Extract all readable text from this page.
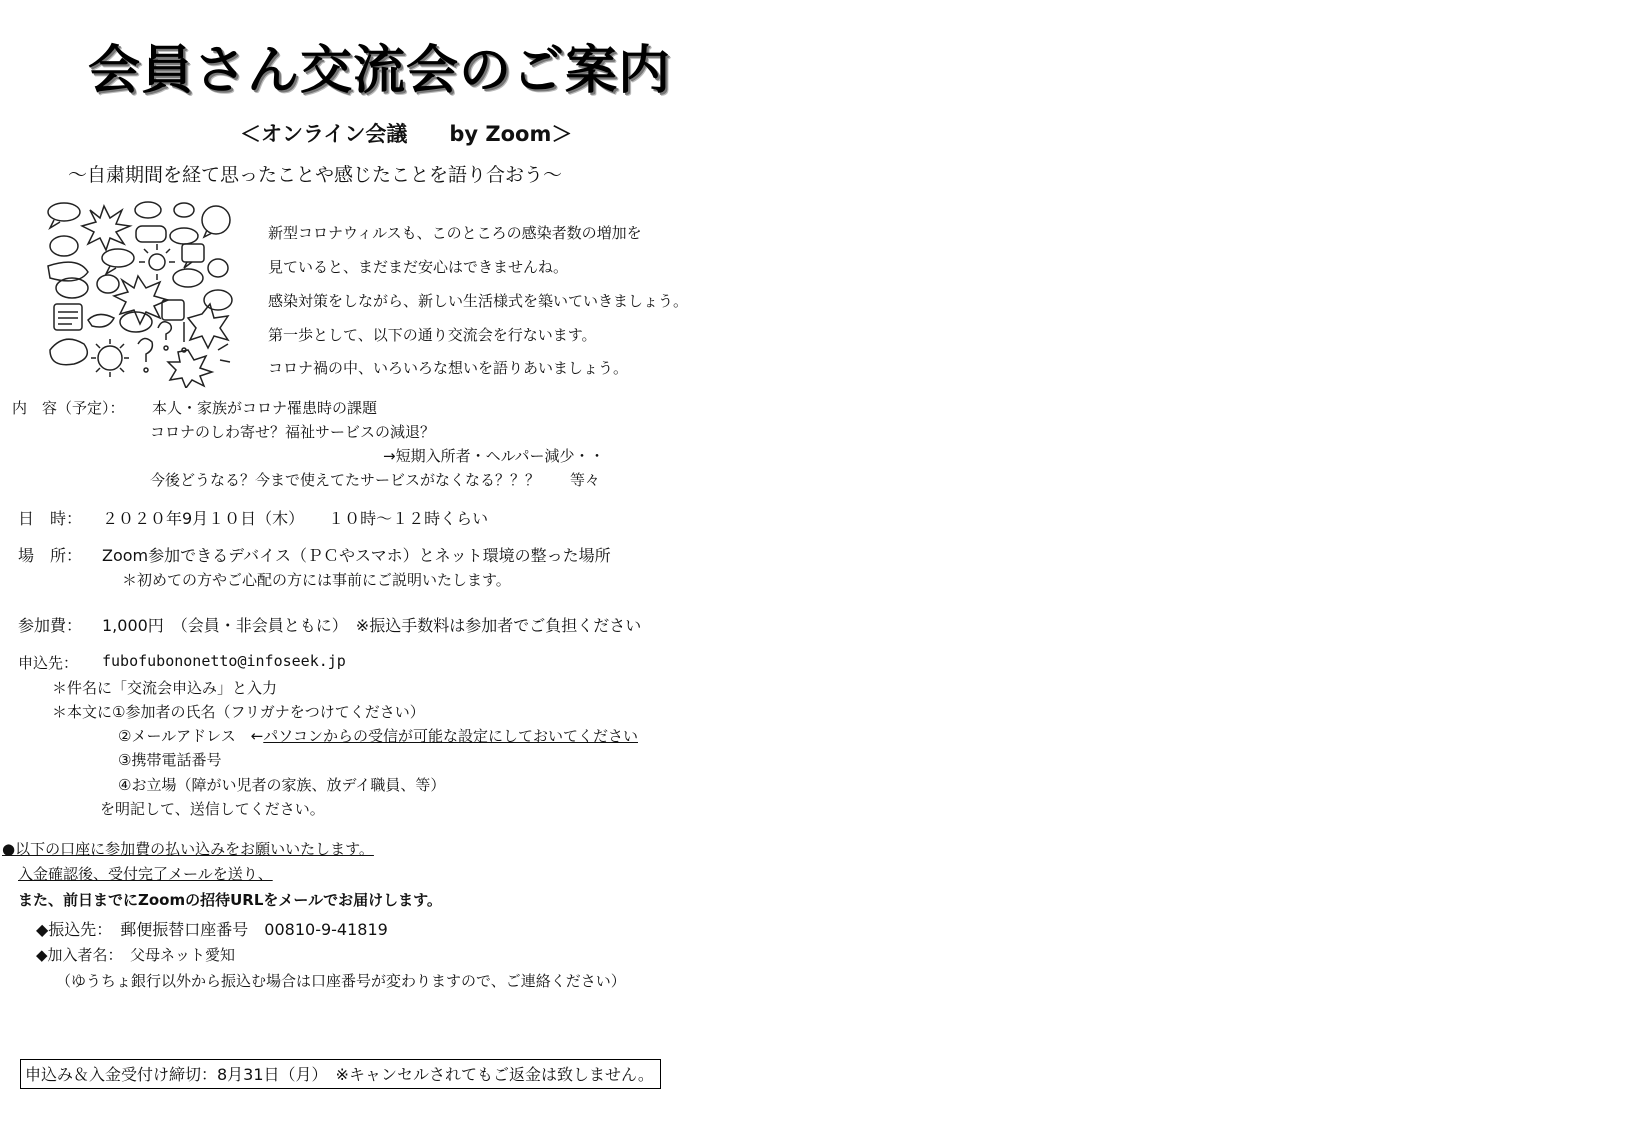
会員さん交流会のご案内
＜オンライン会議　　by Zoom＞
～自粛期間を経て思ったことや感じたことを語り合おう～
新型コロナウィルスも、このところの感染者数の増加を
見ていると、まだまだ安心はできませんね。
感染対策をしながら、新しい生活様式を築いていきましょう。
第一歩として、以下の通り交流会を行ないます。
コロナ禍の中、いろいろな想いを語りあいましょう。
内　容（予定）： 本人・家族がコロナ罹患時の課題
コロナのしわ寄せ？福祉サービスの減退？
→短期入所者・ヘルパー減少・・
今後どうなる？今まで使えてたサービスがなくなる？？？　　等々
日　時： ２０２０年9月１０日（木）　　１０時～１２時くらい
場　所： Zoom参加できるデバイス（ＰＣやスマホ）とネット環境の整った場所
＊初めての方やご心配の方には事前にご説明いたします。
参加費： 1,000円　（会員・非会員ともに）　※振込手数料は参加者でご負担ください
申込先： fubofubononetto@infoseek.jp
＊件名に「交流会申込み」と入力
＊本文に①参加者の氏名（フリガナをつけてください）
②メールアドレス　←パソコンからの受信が可能な設定にしておいてください
③携帯電話番号
④お立場（障がい児者の家族、放デイ職員、等）
を明記して、送信してください。
●以下の口座に参加費の払い込みをお願いいたします。
入金確認後、受付完了メールを送り、
また、前日までにZoomの招待URLをメールでお届けします。
◆振込先：　郵便振替口座番号　00810-9-41819
◆加入者名：　父母ネット愛知
（ゆうちょ銀行以外から振込む場合は口座番号が変わりますので、ご連絡ください）
申込み＆入金受付け締切：8月31日（月）　※キャンセルされてもご返金は致しません。
